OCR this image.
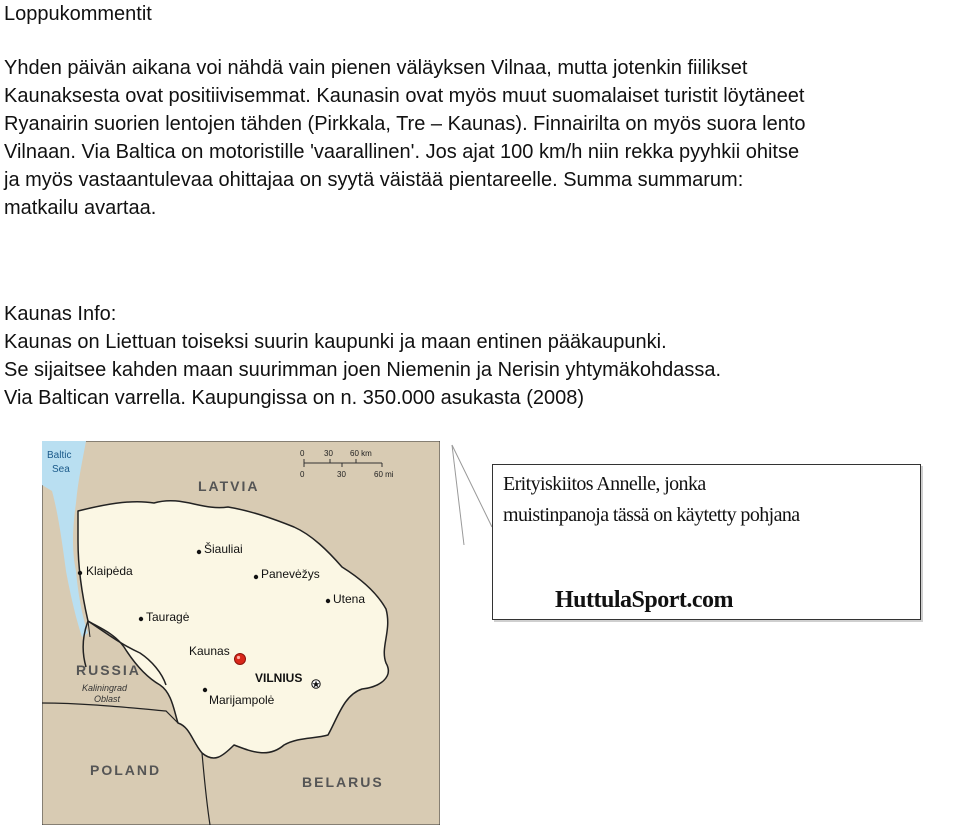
Loppukommentit

Yhden päivän aikana voi nähdä vain pienen väläyksen Vilnaa, mutta jotenkin fiilikset
Kaunaksesta ovat positiivisemmat. Kaunasin ovat myös muut suomalaiset turistit löytäneet
Ryanairin suorien lentojen tähden (Pirkkala, Tre – Kaunas). Finnairilta on myös suora lento
Vilnaan. Via Baltica on motoristille 'vaarallinen'. Jos ajat 100 km/h niin rekka pyyhkii ohitse
ja myös vastaantulevaa ohittajaa on syytä väistää pientareelle. Summa summarum:
matkailu avartaa.

Kaunas Info:
Kaunas on Liettuan toiseksi suurin kaupunki ja maan entinen pääkaupunki.
Se sijaitsee kahden maan suurimman joen Niemenin ja Nerisin yhtymäkohdassa.
Via Baltican varrella. Kaupungissa on n. 350.000 asukasta (2008)

Baltic
Sea
LATVIA
RUSSIA
Kaliningrad
Oblast
POLAND
BELARUS
0 30 60 km
0	30	60 mi
Šiauliai
Klaipėda	Panevėžys
Tauragė
Utena
Kaunas
VILNIUS
Marijampolė
Erityiskiitos Annelle, jonka
muistinpanoja tässä on käytetty pohjana
HuttulaSport.com
